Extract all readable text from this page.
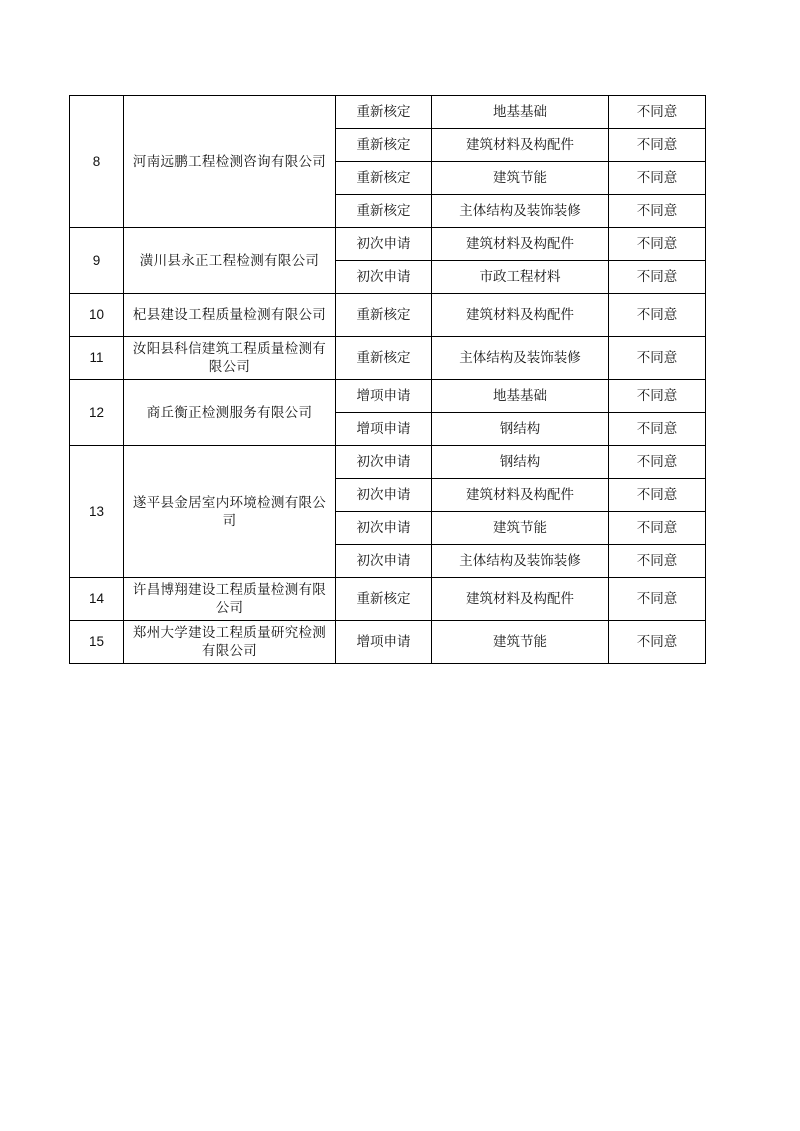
8	河南远鹏工程检测咨询有限公司	重新核定	地基基础	不同意
		重新核定	建筑材料及构配件	不同意
		重新核定	建筑节能	不同意
		重新核定	主体结构及装饰装修	不同意
9	潢川县永正工程检测有限公司	初次申请	建筑材料及构配件	不同意
		初次申请	市政工程材料	不同意
10	杞县建设工程质量检测有限公司	重新核定	建筑材料及构配件	不同意
11	汝阳县科信建筑工程质量检测有限公司	重新核定	主体结构及装饰装修	不同意
12	商丘衡正检测服务有限公司	增项申请	地基基础	不同意
		增项申请	钢结构	不同意
13	遂平县金居室内环境检测有限公司	初次申请	钢结构	不同意
		初次申请	建筑材料及构配件	不同意
		初次申请	建筑节能	不同意
		初次申请	主体结构及装饰装修	不同意
14	许昌博翔建设工程质量检测有限公司	重新核定	建筑材料及构配件	不同意
15	郑州大学建设工程质量研究检测有限公司	增项申请	建筑节能	不同意
